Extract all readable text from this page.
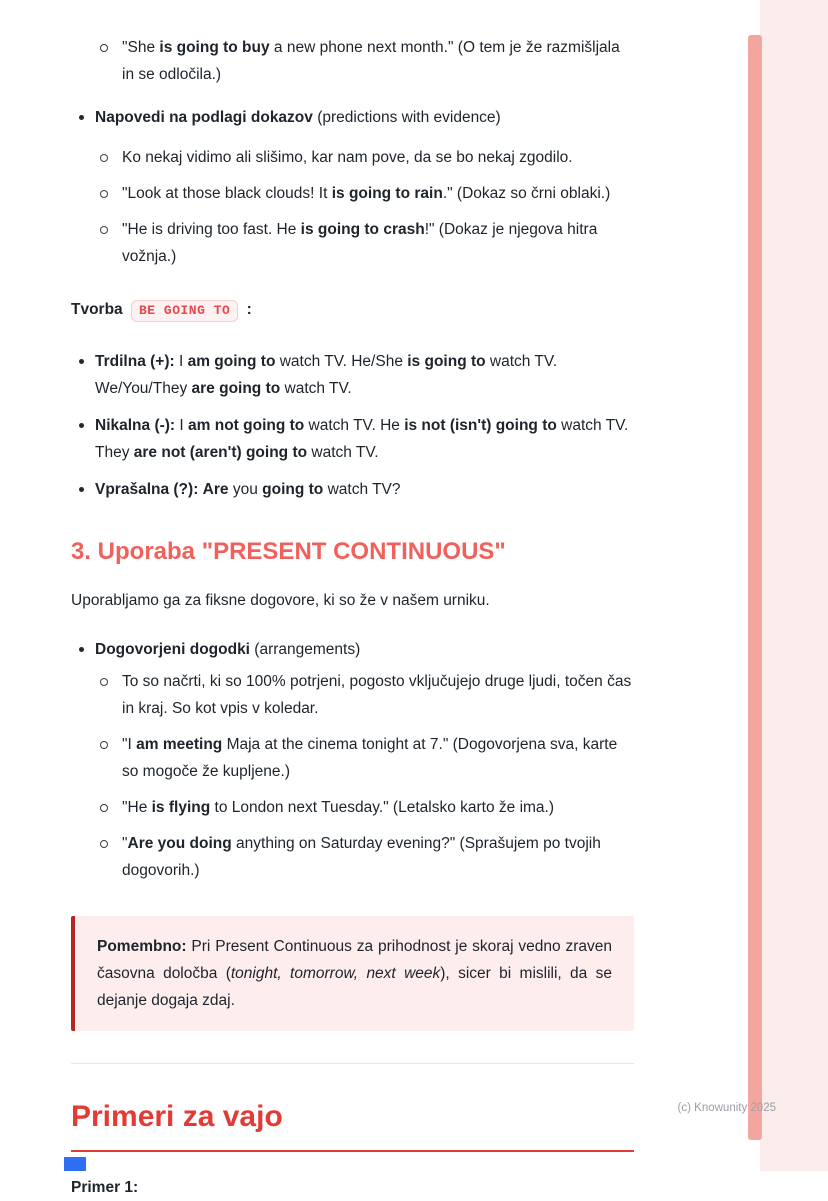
(c) Knowunity 2025
"She is going to buy a new phone next month." (O tem je že razmišljala in se odločila.)
Napovedi na podlagi dokazov (predictions with evidence)
Ko nekaj vidimo ali slišimo, kar nam pove, da se bo nekaj zgodilo.
"Look at those black clouds! It is going to rain." (Dokaz so črni oblaki.)
"He is driving too fast. He is going to crash!" (Dokaz je njegova hitra vožnja.)

Tvorba BE GOING TO :

Trdilna (+): I am going to watch TV. He/She is going to watch TV. We/You/They are going to watch TV.
Nikalna (-): I am not going to watch TV. He is not (isn't) going to watch TV. They are not (aren't) going to watch TV.
Vprašalna (?): Are you going to watch TV?
3. Uporaba "PRESENT CONTINUOUS"

Uporabljamo ga za fiksne dogovore, ki so že v našem urniku.

Dogovorjeni dogodki (arrangements)
To so načrti, ki so 100% potrjeni, pogosto vključujejo druge ljudi, točen čas in kraj. So kot vpis v koledar.
"I am meeting Maja at the cinema tonight at 7." (Dogovorjena sva, karte so mogoče že kupljene.)
"He is flying to London next Tuesday." (Letalsko karto že ima.)
"Are you doing anything on Saturday evening?" (Sprašujem po tvojih dogovorih.)
Pomembno: Pri Present Continuous za prihodnost je skoraj vedno zraven časovna določba (tonight, tomorrow, next week), sicer bi mislili, da se dejanje dogaja zdaj.
Primeri za vajo

Primer 1:
